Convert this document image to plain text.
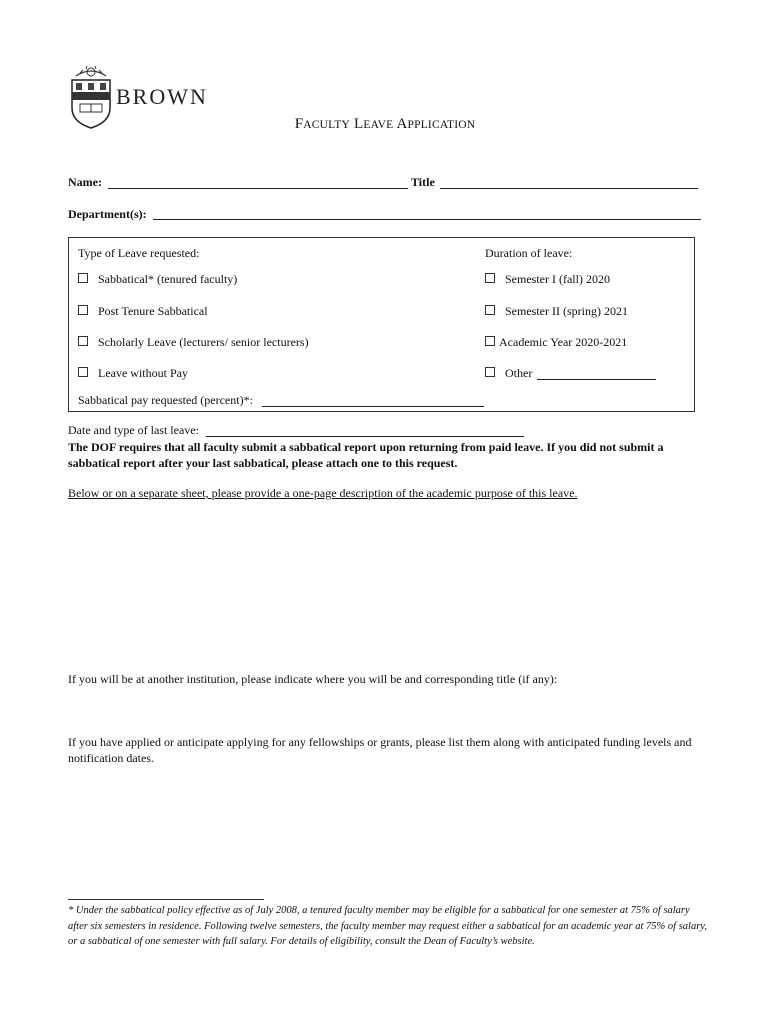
BROWN
FACULTY LEAVE APPLICATION
Name:	Title
Department(s):
Type of Leave requested:	Duration of leave:
Sabbatical* (tenured faculty)
Post Tenure Sabbatical
Scholarly Leave (lecturers/ senior lecturers)
Leave without Pay
Semester I (fall) 2020
Semester II (spring) 2021
Academic Year 2020-2021
Other
Sabbatical pay requested (percent)*:
Date and type of last leave:
The DOF requires that all faculty submit a sabbatical report upon returning from paid leave. If you did not submit a sabbatical report after your last sabbatical, please attach one to this request.
Below or on a separate sheet, please provide a one-page description of the academic purpose of this leave.
If you will be at another institution, please indicate where you will be and corresponding title (if any):
If you have applied or anticipate applying for any fellowships or grants, please list them along with anticipated funding levels and notification dates.
* Under the sabbatical policy effective as of July 2008, a tenured faculty member may be eligible for a sabbatical for one semester at 75% of salary after six semesters in residence. Following twelve semesters, the faculty member may request either a sabbatical for an academic year at 75% of salary, or a sabbatical of one semester with full salary. For details of eligibility, consult the Dean of Faculty’s website.
